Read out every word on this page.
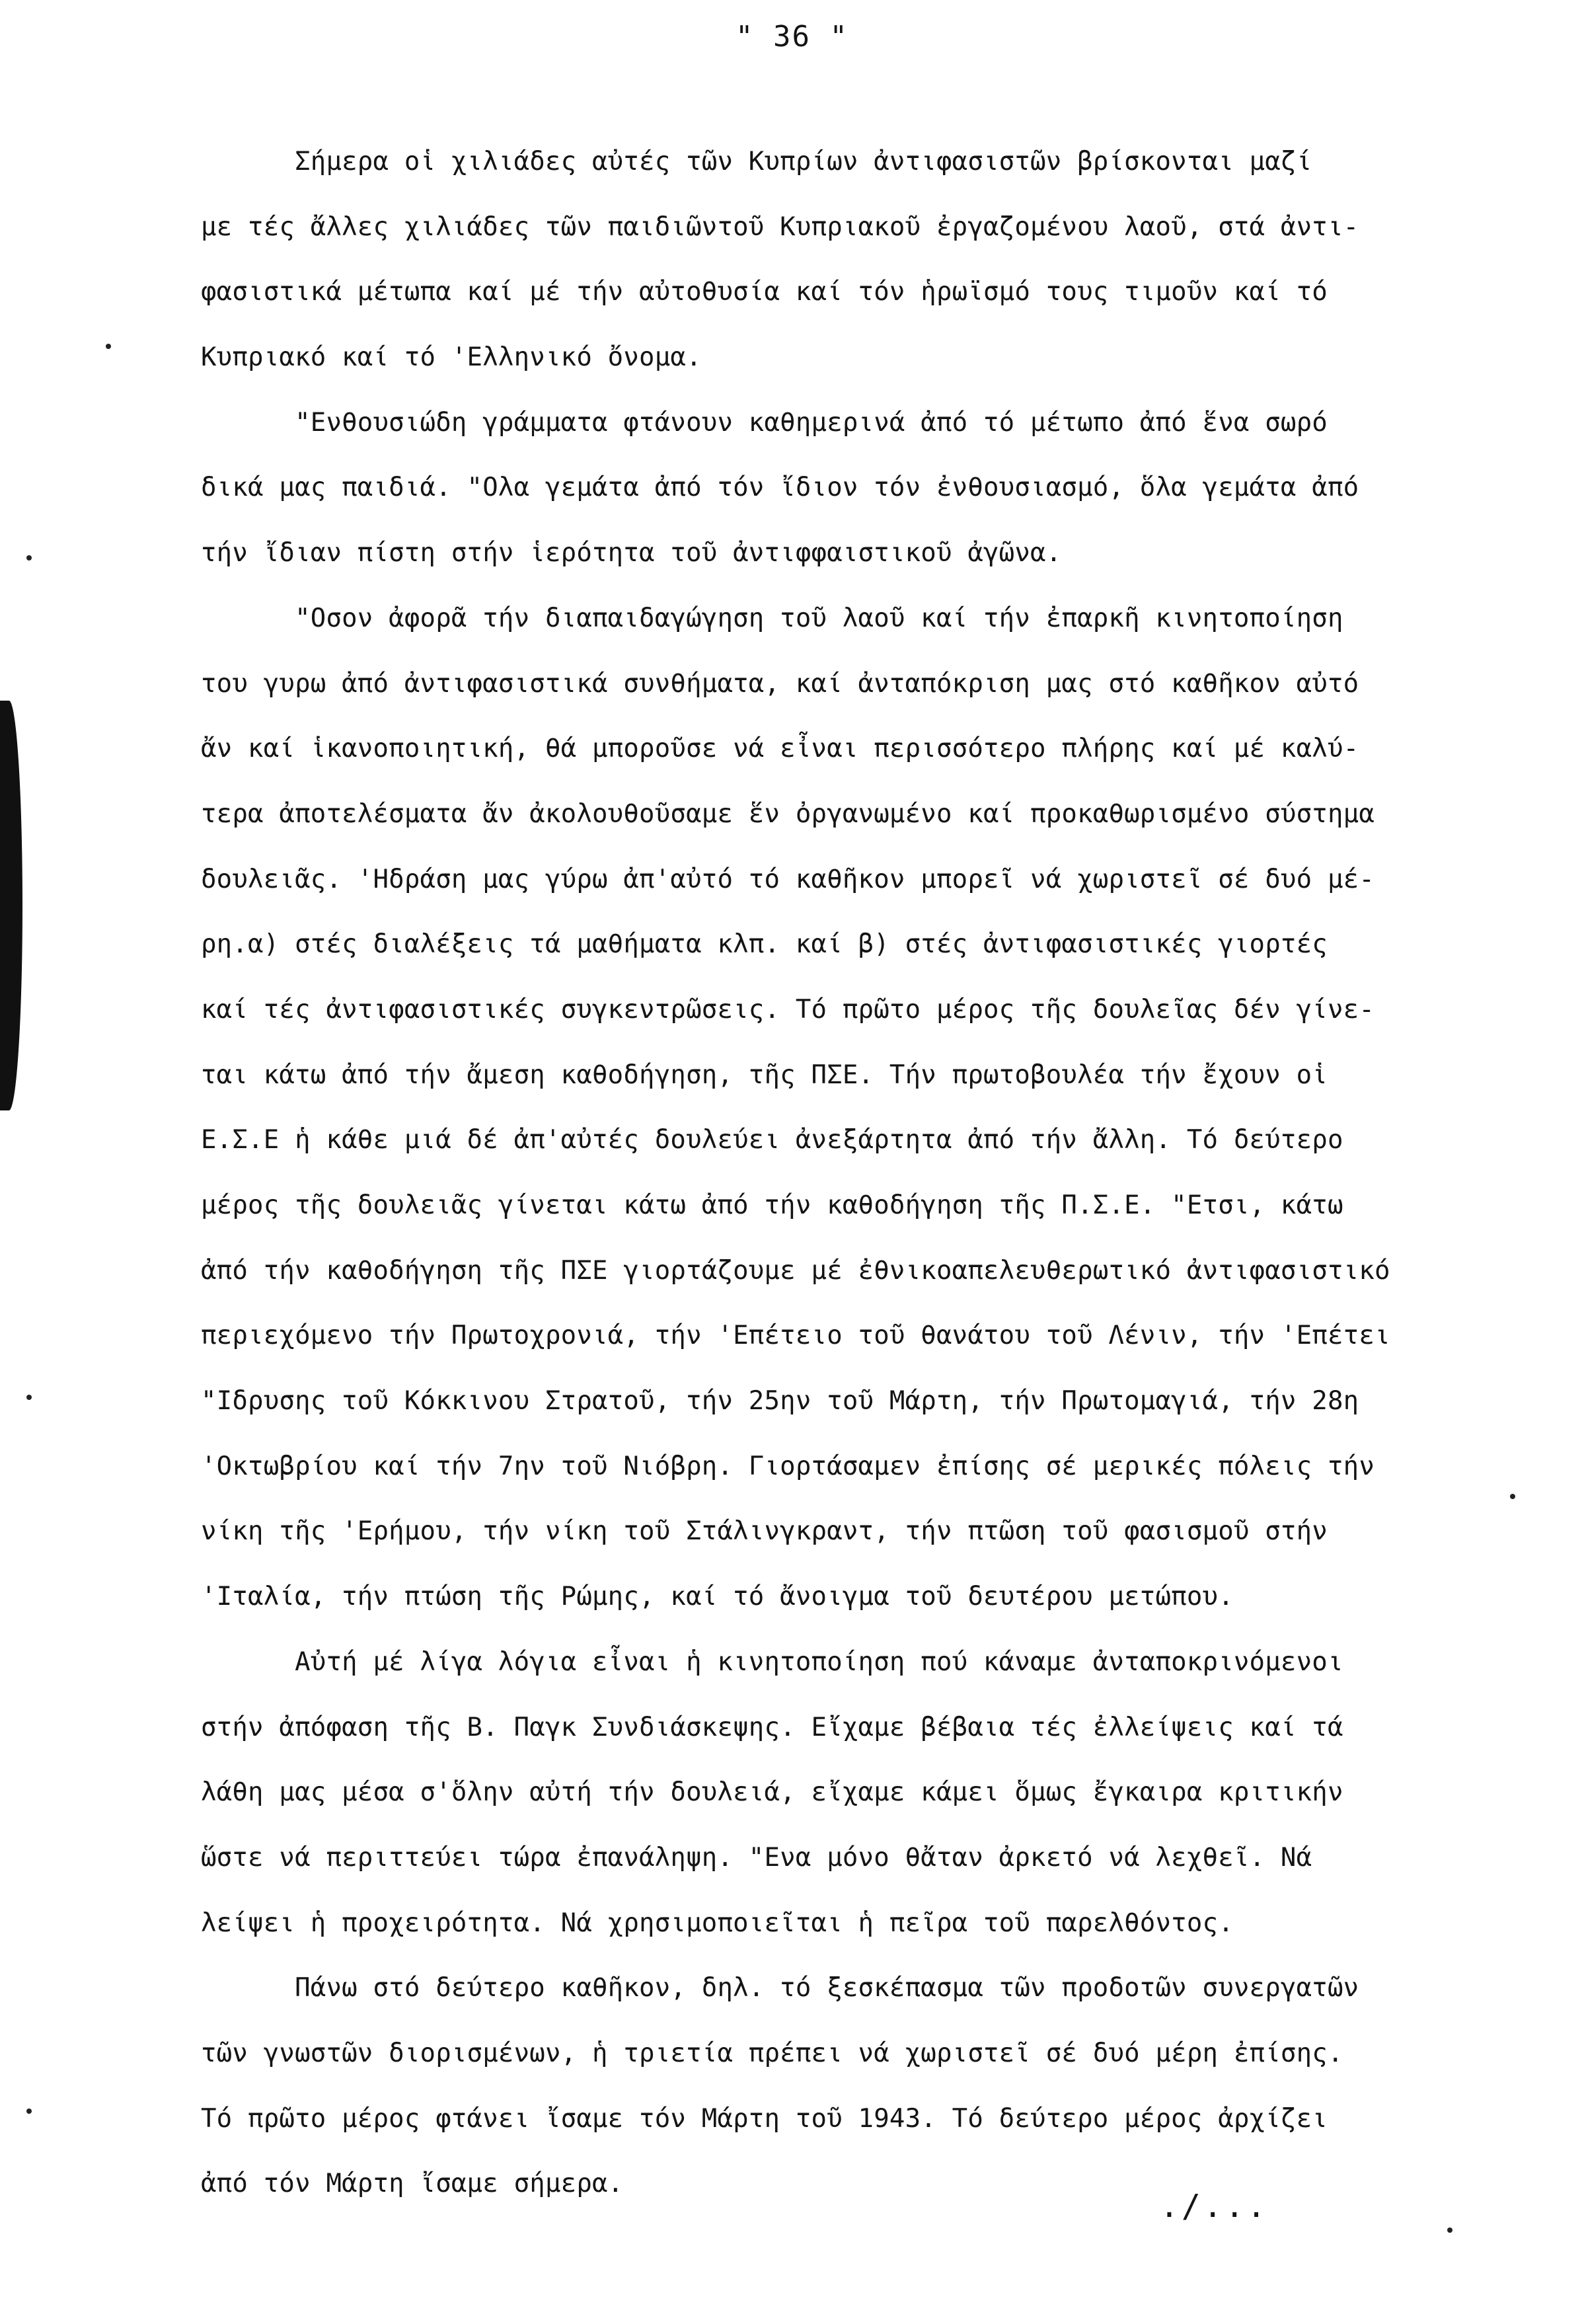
" 36 "
Σήμερα οἱ χιλιάδες αὐτές τῶν Κυπρίων ἀντιφασιστῶν βρίσκονται μαζί
με τές ἄλλες χιλιάδες τῶν παιδιῶντοῦ Κυπριακοῦ ἐργαζομένου λαοῦ, στά ἀντι-
φασιστικά μέτωπα καί μέ τήν αὐτοθυσία καί τόν ἡρωϊσμό τους τιμοῦν καί τό
Κυπριακό καί τό 'Ελληνικό ὄνομα.
"Ενθουσιώδη γράμματα φτάνουν καθημερινά ἀπό τό μέτωπο ἀπό ἕνα σωρό
δικά μας παιδιά. "Ολα γεμάτα ἀπό τόν ἴδιον τόν ἐνθουσιασμό, ὅλα γεμάτα ἀπό
τήν ἴδιαν πίστη στήν ἱερότητα τοῦ ἀντιφφαιστικοῦ ἀγῶνα.
"Οσον ἀφορᾶ τήν διαπαιδαγώγηση τοῦ λαοῦ καί τήν ἐπαρκῆ κινητοποίηση
του γυρω ἀπό ἀντιφασιστικά συνθήματα, καί ἀνταπόκριση μας στό καθῆκον αὐτό
ἄν καί ἱκανοποιητική, θά μποροῦσε νά εἶναι περισσότερο πλήρης καί μέ καλύ-
τερα ἀποτελέσματα ἄν ἀκολουθοῦσαμε ἕν ὀργανωμένο καί προκαθωρισμένο σύστημα
δουλειᾶς. 'Ηδράση μας γύρω ἀπ'αὐτό τό καθῆκον μπορεῖ νά χωριστεῖ σέ δυό μέ-
ρη.α) στές διαλέξεις τά μαθήματα κλπ. καί β) στές ἀντιφασιστικές γιορτές
καί τές ἀντιφασιστικές συγκεντρῶσεις. Τό πρῶτο μέρος τῆς δουλεῖας δέν γίνε-
ται κάτω ἀπό τήν ἄμεση καθοδήγηση, τῆς ΠΣΕ. Τήν πρωτοβουλέα τήν ἔχουν οἱ
Ε.Σ.Ε ἡ κάθε μιά δέ ἀπ'αὐτές δουλεύει ἀνεξάρτητα ἀπό τήν ἄλλη. Τό δεύτερο
μέρος τῆς δουλειᾶς γίνεται κάτω ἀπό τήν καθοδήγηση τῆς Π.Σ.Ε. "Ετσι, κάτω
ἀπό τήν καθοδήγηση τῆς ΠΣΕ γιορτάζουμε μέ ἐθνικοαπελευθερωτικό ἀντιφασιστικό
περιεχόμενο τήν Πρωτοχρονιά, τήν 'Επέτειο τοῦ θανάτου τοῦ Λένιν, τήν 'Επέτει
"Ιδρυσης τοῦ Κόκκινου Στρατοῦ, τήν 25ην τοῦ Μάρτη, τήν Πρωτομαγιά, τήν 28η
'Οκτωβρίου καί τήν 7ην τοῦ Νιόβρη. Γιορτάσαμεν ἐπίσης σέ μερικές πόλεις τήν
νίκη τῆς 'Ερήμου, τήν νίκη τοῦ Στάλινγκραντ, τήν πτῶση τοῦ φασισμοῦ στήν
'Ιταλία, τήν πτώση τῆς Ρώμης, καί τό ἄνοιγμα τοῦ δευτέρου μετώπου.
Αὐτή μέ λίγα λόγια εἶναι ἡ κινητοποίηση πού κάναμε ἀνταποκρινόμενοι
στήν ἀπόφαση τῆς Β. Παγκ Συνδιάσκεψης. Εἴχαμε βέβαια τές ἐλλείψεις καί τά
λάθη μας μέσα σ'ὅλην αὐτή τήν δουλειά, εἴχαμε κάμει ὅμως ἔγκαιρα κριτικήν
ὥστε νά περιττεύει τώρα ἐπανάληψη. "Ενα μόνο θἄταν ἀρκετό νά λεχθεῖ. Νά
λείψει ἡ προχειρότητα. Νά χρησιμοποιεῖται ἡ πεῖρα τοῦ παρελθόντος.
Πάνω στό δεύτερο καθῆκον, δηλ. τό ξεσκέπασμα τῶν προδοτῶν συνεργατῶν
τῶν γνωστῶν διορισμένων, ἡ τριετία πρέπει νά χωριστεῖ σέ δυό μέρη ἐπίσης.
Τό πρῶτο μέρος φτάνει ἴσαμε τόν Μάρτη τοῦ 1943. Τό δεύτερο μέρος ἀρχίζει
ἀπό τόν Μάρτη ἴσαμε σήμερα.
./...
